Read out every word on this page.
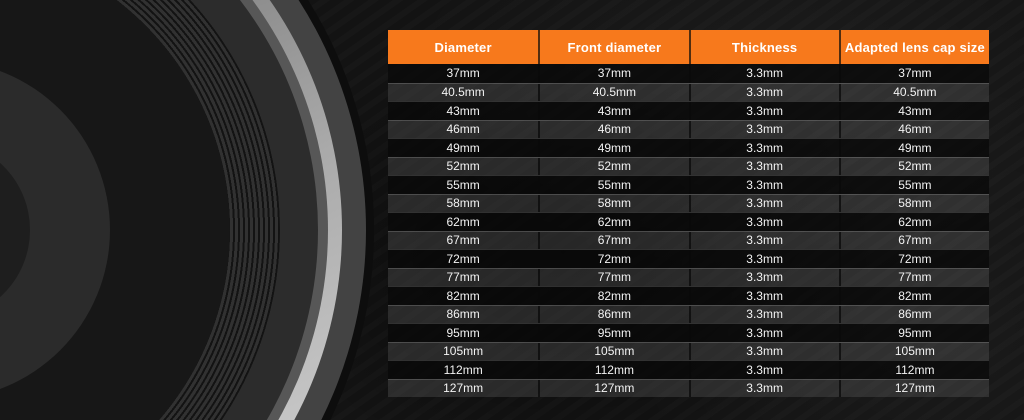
Diameter	Front diameter	Thickness	Adapted lens cap size
37mm	37mm	3.3mm	37mm
40.5mm	40.5mm	3.3mm	40.5mm
43mm	43mm	3.3mm	43mm
46mm	46mm	3.3mm	46mm
49mm	49mm	3.3mm	49mm
52mm	52mm	3.3mm	52mm
55mm	55mm	3.3mm	55mm
58mm	58mm	3.3mm	58mm
62mm	62mm	3.3mm	62mm
67mm	67mm	3.3mm	67mm
72mm	72mm	3.3mm	72mm
77mm	77mm	3.3mm	77mm
82mm	82mm	3.3mm	82mm
86mm	86mm	3.3mm	86mm
95mm	95mm	3.3mm	95mm
105mm	105mm	3.3mm	105mm
112mm	112mm	3.3mm	112mm
127mm	127mm	3.3mm	127mm
